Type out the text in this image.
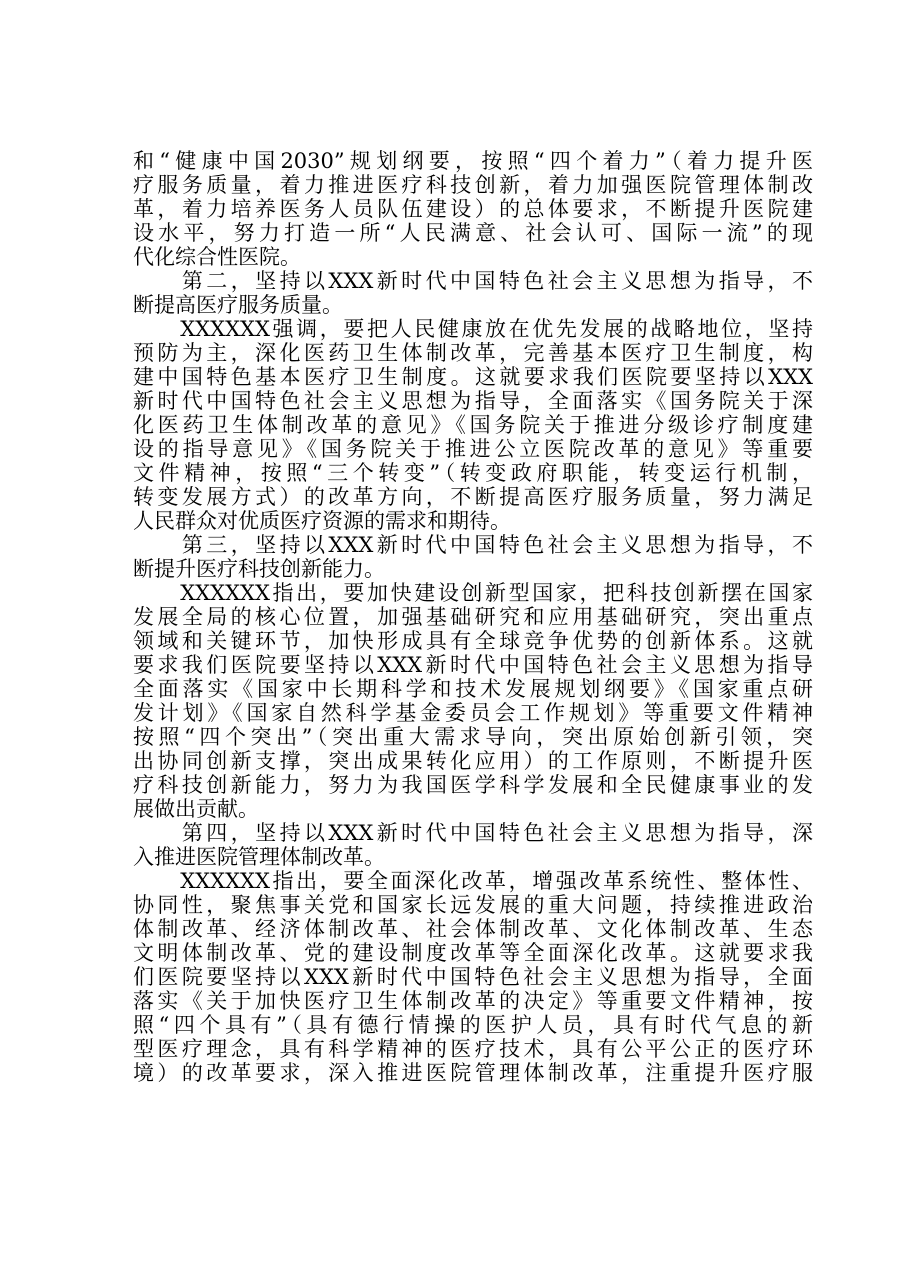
和“健康中国2030”规划纲要，按照“四个着力”（着力提升医
疗服务质量，着力推进医疗科技创新，着力加强医院管理体制改
革，着力培养医务人员队伍建设）的总体要求，不断提升医院建
设水平，努力打造一所“人民满意、社会认可、国际一流”的现
代化综合性医院。
　　第二，坚持以XXX新时代中国特色社会主义思想为指导，不
断提高医疗服务质量。
　　XXXXXX强调，要把人民健康放在优先发展的战略地位，坚持
预防为主，深化医药卫生体制改革，完善基本医疗卫生制度，构
建中国特色基本医疗卫生制度。这就要求我们医院要坚持以XXX
新时代中国特色社会主义思想为指导，全面落实《国务院关于深
化医药卫生体制改革的意见》《国务院关于推进分级诊疗制度建
设的指导意见》《国务院关于推进公立医院改革的意见》等重要
文件精神，按照“三个转变”（转变政府职能，转变运行机制，
转变发展方式）的改革方向，不断提高医疗服务质量，努力满足
人民群众对优质医疗资源的需求和期待。
　　第三，坚持以XXX新时代中国特色社会主义思想为指导，不
断提升医疗科技创新能力。
　　XXXXXX指出，要加快建设创新型国家，把科技创新摆在国家
发展全局的核心位置，加强基础研究和应用基础研究，突出重点
领域和关键环节，加快形成具有全球竞争优势的创新体系。这就
要求我们医院要坚持以XXX新时代中国特色社会主义思想为指导
全面落实《国家中长期科学和技术发展规划纲要》《国家重点研
发计划》《国家自然科学基金委员会工作规划》等重要文件精神
按照“四个突出”（突出重大需求导向，突出原始创新引领，突
出协同创新支撑，突出成果转化应用）的工作原则，不断提升医
疗科技创新能力，努力为我国医学科学发展和全民健康事业的发
展做出贡献。
　　第四，坚持以XXX新时代中国特色社会主义思想为指导，深
入推进医院管理体制改革。
　　XXXXXX指出，要全面深化改革，增强改革系统性、整体性、
协同性，聚焦事关党和国家长远发展的重大问题，持续推进政治
体制改革、经济体制改革、社会体制改革、文化体制改革、生态
文明体制改革、党的建设制度改革等全面深化改革。这就要求我
们医院要坚持以XXX新时代中国特色社会主义思想为指导，全面
落实《关于加快医疗卫生体制改革的决定》等重要文件精神，按
照“四个具有”（具有德行情操的医护人员，具有时代气息的新
型医疗理念，具有科学精神的医疗技术，具有公平公正的医疗环
境）的改革要求，深入推进医院管理体制改革，注重提升医疗服
